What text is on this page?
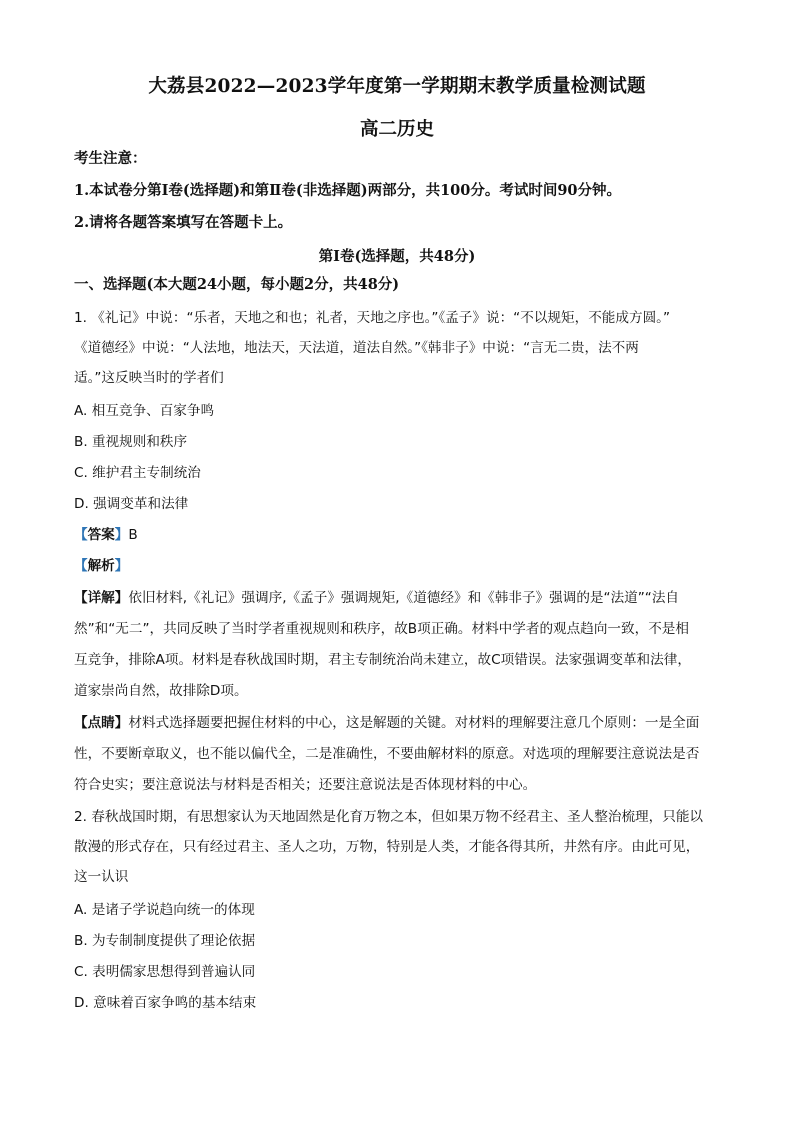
大荔县2022—2023学年度第一学期期末教学质量检测试题
高二历史
考生注意：
1.本试卷分第Ⅰ卷(选择题)和第Ⅱ卷(非选择题)两部分，共100分。考试时间90分钟。
2.请将各题答案填写在答题卡上。
第Ⅰ卷(选择题，共48分)
一、选择题(本大题24小题，每小题2分，共48分)
1. 《礼记》中说：“乐者，天地之和也；礼者，天地之序也。”《孟子》说：“不以规矩，不能成方圆。”
《道德经》中说：“人法地，地法天，天法道，道法自然。”《韩非子》中说：“言无二贵，法不两
适。”这反映当时的学者们
A. 相互竞争、百家争鸣
B. 重视规则和秩序
C. 维护君主专制统治
D. 强调变革和法律
【答案】B
【解析】
【详解】依旧材料,《礼记》强调序,《孟子》强调规矩,《道德经》和《韩非子》强调的是“法道”“法自
然”和“无二”，共同反映了当时学者重视规则和秩序，故B项正确。材料中学者的观点趋向一致，不是相
互竞争，排除A项。材料是春秋战国时期，君主专制统治尚未建立，故C项错误。法家强调变革和法律，
道家崇尚自然，故排除D项。
【点睛】材料式选择题要把握住材料的中心，这是解题的关键。对材料的理解要注意几个原则：一是全面
性，不要断章取义，也不能以偏代全，二是准确性，不要曲解材料的原意。对选项的理解要注意说法是否
符合史实；要注意说法与材料是否相关；还要注意说法是否体现材料的中心。
2. 春秋战国时期，有思想家认为天地固然是化育万物之本，但如果万物不经君主、圣人整治梳理，只能以
散漫的形式存在，只有经过君主、圣人之功，万物，特别是人类，才能各得其所，井然有序。由此可见，
这一认识
A. 是诸子学说趋向统一的体现
B. 为专制制度提供了理论依据
C. 表明儒家思想得到普遍认同
D. 意味着百家争鸣的基本结束
